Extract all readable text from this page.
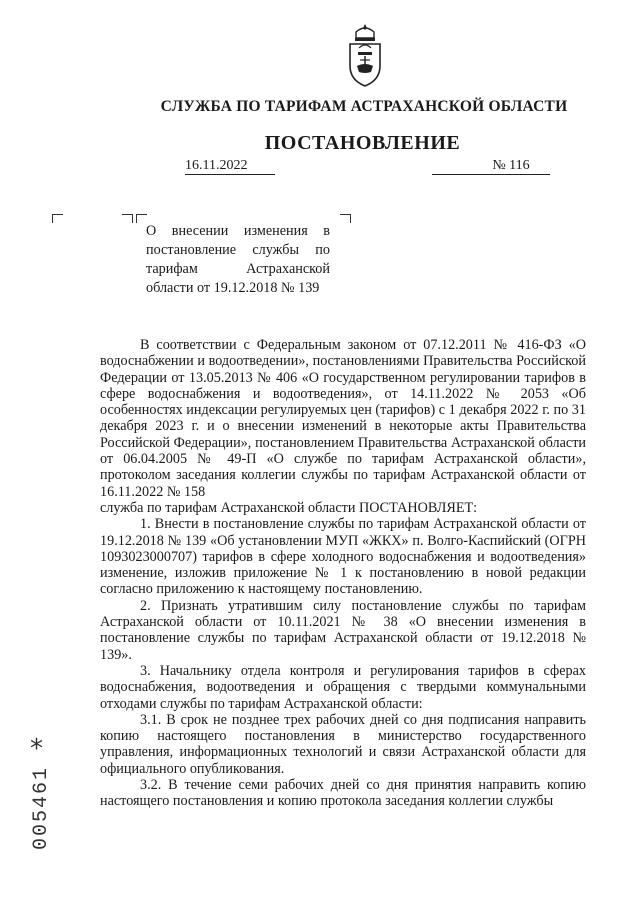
СЛУЖБА ПО ТАРИФАМ АСТРАХАНСКОЙ ОБЛАСТИ
ПОСТАНОВЛЕНИЕ
16.11.2022	№ 116
О внесении изменения в постановление службы по тарифам Астраханской области от 19.12.2018 № 139

В соответствии с Федеральным законом от 07.12.2011 № 416-ФЗ «О водоснабжении и водоотведении», постановлениями Правительства Российской Федерации от 13.05.2013 № 406 «О государственном регулировании тарифов в сфере водоснабжения и водоотведения», от 14.11.2022 № 2053 «Об особенностях индексации регулируемых цен (тарифов) с 1 декабря 2022 г. по 31 декабря 2023 г. и о внесении изменений в некоторые акты Правительства Российской Федерации», постановлением Правительства Астраханской области от 06.04.2005 № 49-П «О службе по тарифам Астраханской области», протоколом заседания коллегии службы по тарифам Астраханской области от 16.11.2022 № 158

служба по тарифам Астраханской области ПОСТАНОВЛЯЕТ:

1. Внести в постановление службы по тарифам Астраханской области от 19.12.2018 № 139 «Об установлении МУП «ЖКХ» п. Волго-Каспийский (ОГРН 1093023000707) тарифов в сфере холодного водоснабжения и водоотведения» изменение, изложив приложение № 1 к постановлению в новой редакции согласно приложению к настоящему постановлению.

2. Признать утратившим силу постановление службы по тарифам Астраханской области от 10.11.2021 № 38 «О внесении изменения в постановление службы по тарифам Астраханской области от 19.12.2018 № 139».

3. Начальнику отдела контроля и регулирования тарифов в сферах водоснабжения, водоотведения и обращения с твердыми коммунальными отходами службы по тарифам Астраханской области:

3.1. В срок не позднее трех рабочих дней со дня подписания направить копию настоящего постановления в министерство государственного управления, информационных технологий и связи Астраханской области для официального опубликования.

3.2. В течение семи рабочих дней со дня принятия направить копию настоящего постановления и копию протокола заседания коллегии службы

*
005461
